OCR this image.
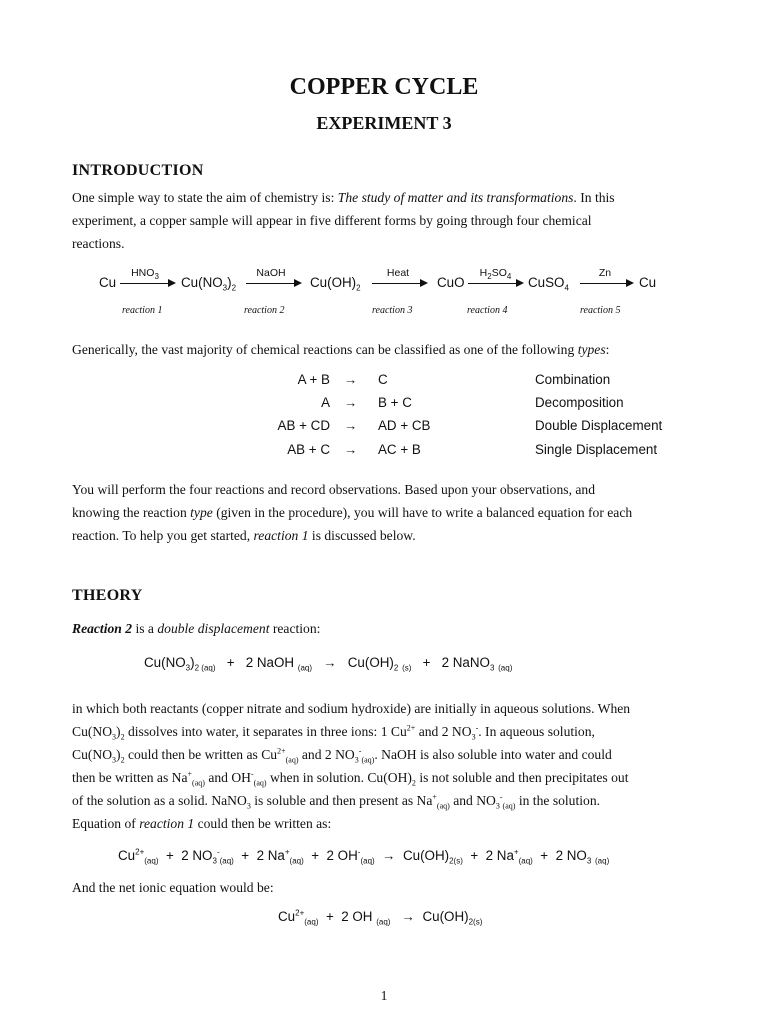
COPPER CYCLE
EXPERIMENT 3
INTRODUCTION

One simple way to state the aim of chemistry is: The study of matter and its transformations. In this

experiment, a copper sample will appear in five different forms by going through four chemical

reactions.

Cu
$HNO_3$	$Cu(NO_3)_2$
NaOH
$Cu(OH)_2$
Heat
CuO
$H_2SO_4$	CuSO$_4$
Zn
→ Cu
reaction 1	reaction 2	reaction 3	reaction 4	reaction 5

Generically, the vast majority of chemical reactions can be classified as one of the following types:

A + B → C	Combination
A → B + C	Decomposition
AB + CD → AD + CB	Double Displacement
AB + C → AC + B	Single Displacement

You will perform the four reactions and record observations. Based upon your observations, and

knowing the reaction type (given in the procedure), you will have to write a balanced equation for each

reaction. To help you get started, reaction 1 is discussed below.

THEORY

Reaction 2 is a double displacement reaction:

$Cu(NO_3)_2$ $_{(aq)}$ + 2 NaOH $_{(aq)} \to Cu(OH)_2$ $_{(s)}$ + 2 NaNO$_3$ $_{(aq)}$

in which both reactants (copper nitrate and sodium hydroxide) are initially in aqueous solutions. When

$Cu(NO_3)_2$ dissolves into water, it separates in three ions: 1 $Cu^{2+}$ and 2 $NO_3^-$. In aqueous solution,

$Cu(NO_3)_2$ could then be written as $Cu^{2+}_{(aq)}$ and 2 $NO_3^-_{(aq)}$. NaOH is also soluble into water and could

then be written as $Na^+_{(aq)}$ and $OH^-_{(aq)}$ when in solution. $Cu(OH)_2$ is not soluble and then precipitates out

of the solution as a solid. NaNO$_3$ is soluble and then present as $Na^+_{(aq)}$ and $NO_3^-_{(aq)}$ in the solution.

Equation of reaction 1 could then be written as:

$Cu^{2+}_{(aq)} + 2$ $NO_3^-_{(aq)} + 2$ $Na^+_{(aq)} + 2$ $OH^-_{(aq)} \to Cu(OH)_{2(s)} + 2$ $Na^+_{(aq)} + 2$ $NO_3$ $_{(aq)}$

And the net ionic equation would be:

$Cu^{2+}_{(aq)} + 2$ OH $_{(aq)} \to Cu(OH)_{2(s)}$
1
